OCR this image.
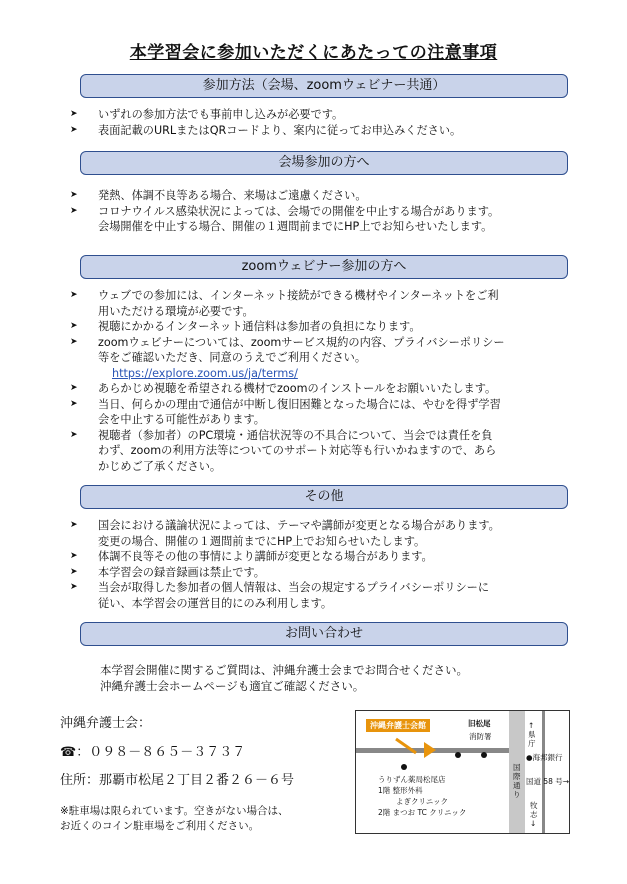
本学習会に参加いただくにあたっての注意事項
参加方法（会場、zoomウェビナー共通）
➤ いずれの参加方法でも事前申し込みが必要です。
➤ 表面記載のURLまたはQRコードより、案内に従ってお申込みください。
会場参加の方へ
➤ 発熱、体調不良等ある場合、来場はご遠慮ください。
➤ コロナウイルス感染状況によっては、会場での開催を中止する場合があります。
会場開催を中止する場合、開催の１週間前までにHP上でお知らせいたします。
zoomウェビナー参加の方へ
➤ ウェブでの参加には、インターネット接続ができる機材やインターネットをご利
用いただける環境が必要です。
➤ 視聴にかかるインターネット通信料は参加者の負担になります。
➤ zoomウェビナーについては、zoomサービス規約の内容、プライバシーポリシー
等をご確認いただき、同意のうえでご利用ください。
https://explore.zoom.us/ja/terms/
➤ あらかじめ視聴を希望される機材でzoomのインストールをお願いいたします。
➤ 当日、何らかの理由で通信が中断し復旧困難となった場合には、やむを得ず学習
会を中止する可能性があります。
➤ 視聴者（参加者）のPC環境・通信状況等の不具合について、当会では責任を負
わず、zoomの利用方法等についてのサポート対応等も行いかねますので、あら
かじめご了承ください。
その他
➤ 国会における議論状況によっては、テーマや講師が変更となる場合があります。
変更の場合、開催の１週間前までにHP上でお知らせいたします。
➤ 体調不良等その他の事情により講師が変更となる場合があります。
➤ 本学習会の録音録画は禁止です。
➤ 当会が取得した参加者の個人情報は、当会の規定するプライバシーポリシーに
従い、本学習会の運営目的にのみ利用します。
お問い合わせ
本学習会開催に関するご質問は、沖縄弁護士会までお問合せください。
沖縄弁護士会ホームページも適宜ご確認ください。
沖縄弁護士会：
☎：０９８－８６５－３７３７
住所：那覇市松尾２丁目２番２６－６号
※駐車場は限られています。空きがない場合は、
お近くのコイン駐車場をご利用ください。
沖縄弁護士会館	旧松尾
消防署
↑県庁
●海邦銀行
国道 58 号→
国際通り
牧志↓
うりずん薬局松尾店
1階 整形外科
よぎクリニック
2階 まつお TC クリニック
